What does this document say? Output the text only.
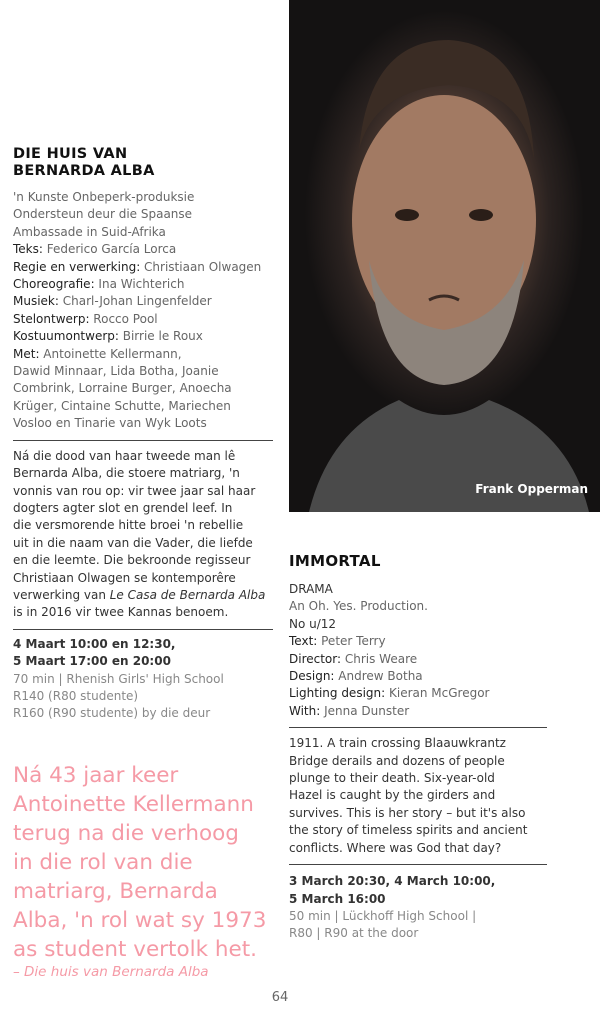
DIE HUIS VAN
BERNARDA ALBA
'n Kunste Onbeperk-produksie
Ondersteun deur die Spaanse
Ambassade in Suid-Afrika
Teks: Federico García Lorca
Regie en verwerking: Christiaan Olwagen
Choreografie: Ina Wichterich
Musiek: Charl-Johan Lingenfelder
Stelontwerp: Rocco Pool
Kostuumontwerp: Birrie le Roux
Met: Antoinette Kellermann,
Dawid Minnaar, Lida Botha, Joanie
Combrink, Lorraine Burger, Anoecha
Krüger, Cintaine Schutte, Mariechen
Vosloo en Tinarie van Wyk Loots
Ná die dood van haar tweede man lê
Bernarda Alba, die stoere matriarg, 'n
vonnis van rou op: vir twee jaar sal haar
dogters agter slot en grendel leef. In
die versmorende hitte broei 'n rebellie
uit in die naam van die Vader, die liefde
en die leemte. Die bekroonde regisseur
Christiaan Olwagen se kontemporêre
verwerking van Le Casa de Bernarda Alba
is in 2016 vir twee Kannas benoem.
4 Maart 10:00 en 12:30,
5 Maart 17:00 en 20:00
70 min | Rhenish Girls' High School
R140 (R80 studente)
R160 (R90 studente) by die deur
Ná 43 jaar keer
Antoinette Kellermann
terug na die verhoog
in die rol van die
matriarg, Bernarda
Alba, 'n rol wat sy 1973
as student vertolk het.
– Die huis van Bernarda Alba
Frank Opperman
IMMORTAL
DRAMA
An Oh. Yes. Production.
No u/12
Text: Peter Terry
Director: Chris Weare
Design: Andrew Botha
Lighting design: Kieran McGregor
With: Jenna Dunster
1911. A train crossing Blaauwkrantz
Bridge derails and dozens of people
plunge to their death. Six-year-old
Hazel is caught by the girders and
survives. This is her story – but it's also
the story of timeless spirits and ancient
conflicts. Where was God that day?
3 March 20:30, 4 March 10:00,
5 March 16:00
50 min | Lückhoff High School |
R80 | R90 at the door
64
